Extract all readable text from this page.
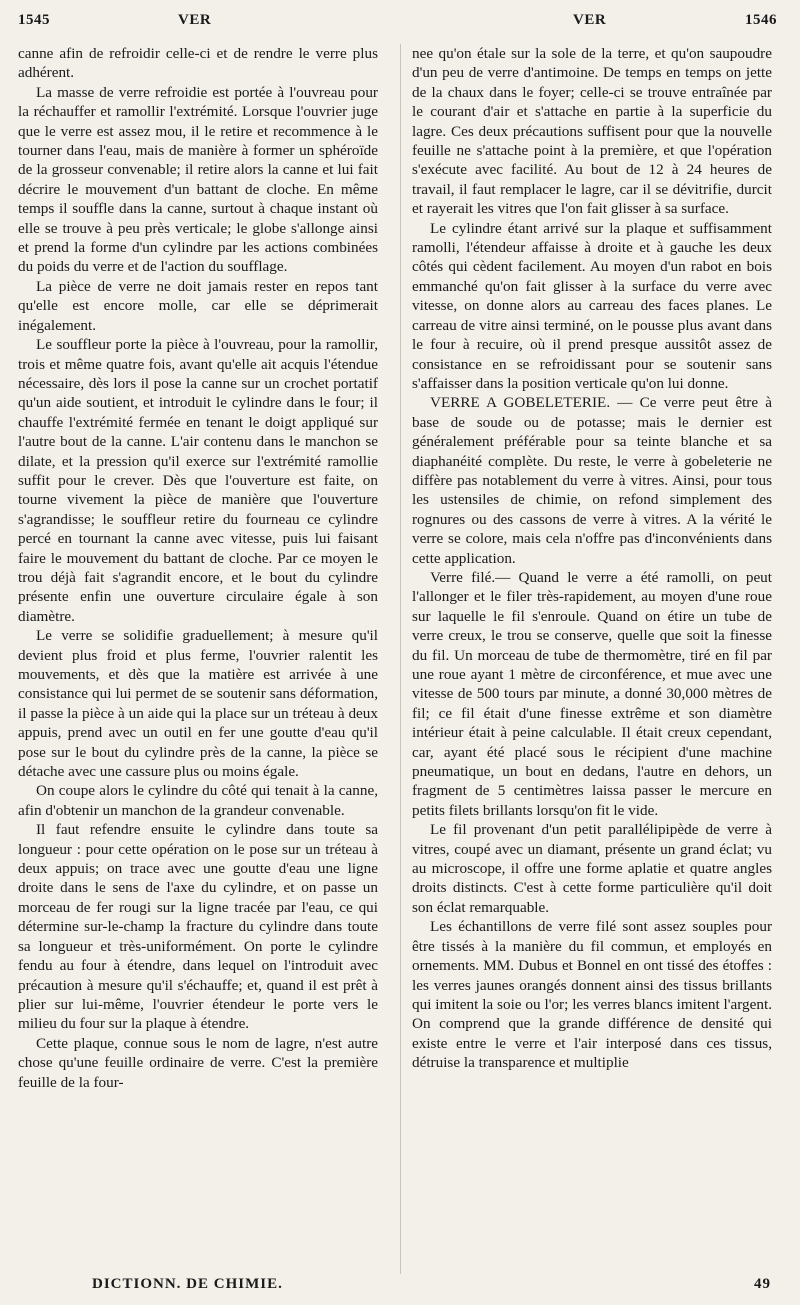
1545	VER	VER	1546

canne afin de refroidir celle-ci et de rendre le verre plus adhérent.

La masse de verre refroidie est portée à l'ouvreau pour la réchauffer et ramollir l'extrémité. Lorsque l'ouvrier juge que le verre est assez mou, il le retire et recommence à le tourner dans l'eau, mais de manière à former un sphéroïde de la grosseur convenable; il retire alors la canne et lui fait décrire le mouvement d'un battant de cloche. En même temps il souffle dans la canne, surtout à chaque instant où elle se trouve à peu près verticale; le globe s'allonge ainsi et prend la forme d'un cylindre par les actions combinées du poids du verre et de l'action du soufflage.

La pièce de verre ne doit jamais rester en repos tant qu'elle est encore molle, car elle se déprimerait inégalement.

Le souffleur porte la pièce à l'ouvreau, pour la ramollir, trois et même quatre fois, avant qu'elle ait acquis l'étendue nécessaire, dès lors il pose la canne sur un crochet portatif qu'un aide soutient, et introduit le cylindre dans le four; il chauffe l'extrémité fermée en tenant le doigt appliqué sur l'autre bout de la canne. L'air contenu dans le manchon se dilate, et la pression qu'il exerce sur l'extrémité ramollie suffit pour le crever. Dès que l'ouverture est faite, on tourne vivement la pièce de manière que l'ouverture s'agrandisse; le souffleur retire du fourneau ce cylindre percé en tournant la canne avec vitesse, puis lui faisant faire le mouvement du battant de cloche. Par ce moyen le trou déjà fait s'agrandit encore, et le bout du cylindre présente enfin une ouverture circulaire égale à son diamètre.

Le verre se solidifie graduellement; à mesure qu'il devient plus froid et plus ferme, l'ouvrier ralentit les mouvements, et dès que la matière est arrivée à une consistance qui lui permet de se soutenir sans déformation, il passe la pièce à un aide qui la place sur un tréteau à deux appuis, prend avec un outil en fer une goutte d'eau qu'il pose sur le bout du cylindre près de la canne, la pièce se détache avec une cassure plus ou moins égale.

On coupe alors le cylindre du côté qui tenait à la canne, afin d'obtenir un manchon de la grandeur convenable.

Il faut refendre ensuite le cylindre dans toute sa longueur : pour cette opération on le pose sur un tréteau à deux appuis; on trace avec une goutte d'eau une ligne droite dans le sens de l'axe du cylindre, et on passe un morceau de fer rougi sur la ligne tracée par l'eau, ce qui détermine sur-le-champ la fracture du cylindre dans toute sa longueur et très-uniformément. On porte le cylindre fendu au four à étendre, dans lequel on l'introduit avec précaution à mesure qu'il s'échauffe; et, quand il est prêt à plier sur lui-même, l'ouvrier étendeur le porte vers le milieu du four sur la plaque à étendre.

Cette plaque, connue sous le nom de lagre, n'est autre chose qu'une feuille ordinaire de verre. C'est la première feuille de la four-

nee qu'on étale sur la sole de la terre, et qu'on saupoudre d'un peu de verre d'antimoine. De temps en temps on jette de la chaux dans le foyer; celle-ci se trouve entraînée par le courant d'air et s'attache en partie à la superficie du lagre. Ces deux précautions suffisent pour que la nouvelle feuille ne s'attache point à la première, et que l'opération s'exécute avec facilité. Au bout de 12 à 24 heures de travail, il faut remplacer le lagre, car il se dévitrifie, durcit et rayerait les vitres que l'on fait glisser à sa surface.

Le cylindre étant arrivé sur la plaque et suffisamment ramolli, l'étendeur affaisse à droite et à gauche les deux côtés qui cèdent facilement. Au moyen d'un rabot en bois emmanché qu'on fait glisser à la surface du verre avec vitesse, on donne alors au carreau des faces planes. Le carreau de vitre ainsi terminé, on le pousse plus avant dans le four à recuire, où il prend presque aussitôt assez de consistance en se refroidissant pour se soutenir sans s'affaisser dans la position verticale qu'on lui donne.

VERRE A GOBELETERIE. — Ce verre peut être à base de soude ou de potasse; mais le dernier est généralement préférable pour sa teinte blanche et sa diaphanéité complète. Du reste, le verre à gobeleterie ne diffère pas notablement du verre à vitres. Ainsi, pour tous les ustensiles de chimie, on refond simplement des rognures ou des cassons de verre à vitres. A la vérité le verre se colore, mais cela n'offre pas d'inconvénients dans cette application.

Verre filé.— Quand le verre a été ramolli, on peut l'allonger et le filer très-rapidement, au moyen d'une roue sur laquelle le fil s'enroule. Quand on étire un tube de verre creux, le trou se conserve, quelle que soit la finesse du fil. Un morceau de tube de thermomètre, tiré en fil par une roue ayant 1 mètre de circonférence, et mue avec une vitesse de 500 tours par minute, a donné 30,000 mètres de fil; ce fil était d'une finesse extrême et son diamètre intérieur était à peine calculable. Il était creux cependant, car, ayant été placé sous le récipient d'une machine pneumatique, un bout en dedans, l'autre en dehors, un fragment de 5 centimètres laissa passer le mercure en petits filets brillants lorsqu'on fit le vide.

Le fil provenant d'un petit parallélipipède de verre à vitres, coupé avec un diamant, présente un grand éclat; vu au microscope, il offre une forme aplatie et quatre angles droits distincts. C'est à cette forme particulière qu'il doit son éclat remarquable.

Les échantillons de verre filé sont assez souples pour être tissés à la manière du fil commun, et employés en ornements. MM. Dubus et Bonnel en ont tissé des étoffes : les verres jaunes orangés donnent ainsi des tissus brillants qui imitent la soie ou l'or; les verres blancs imitent l'argent. On comprend que la grande différence de densité qui existe entre le verre et l'air interposé dans ces tissus, détruise la transparence et multiplie

DICTIONN. DE CHIMIE.	49
